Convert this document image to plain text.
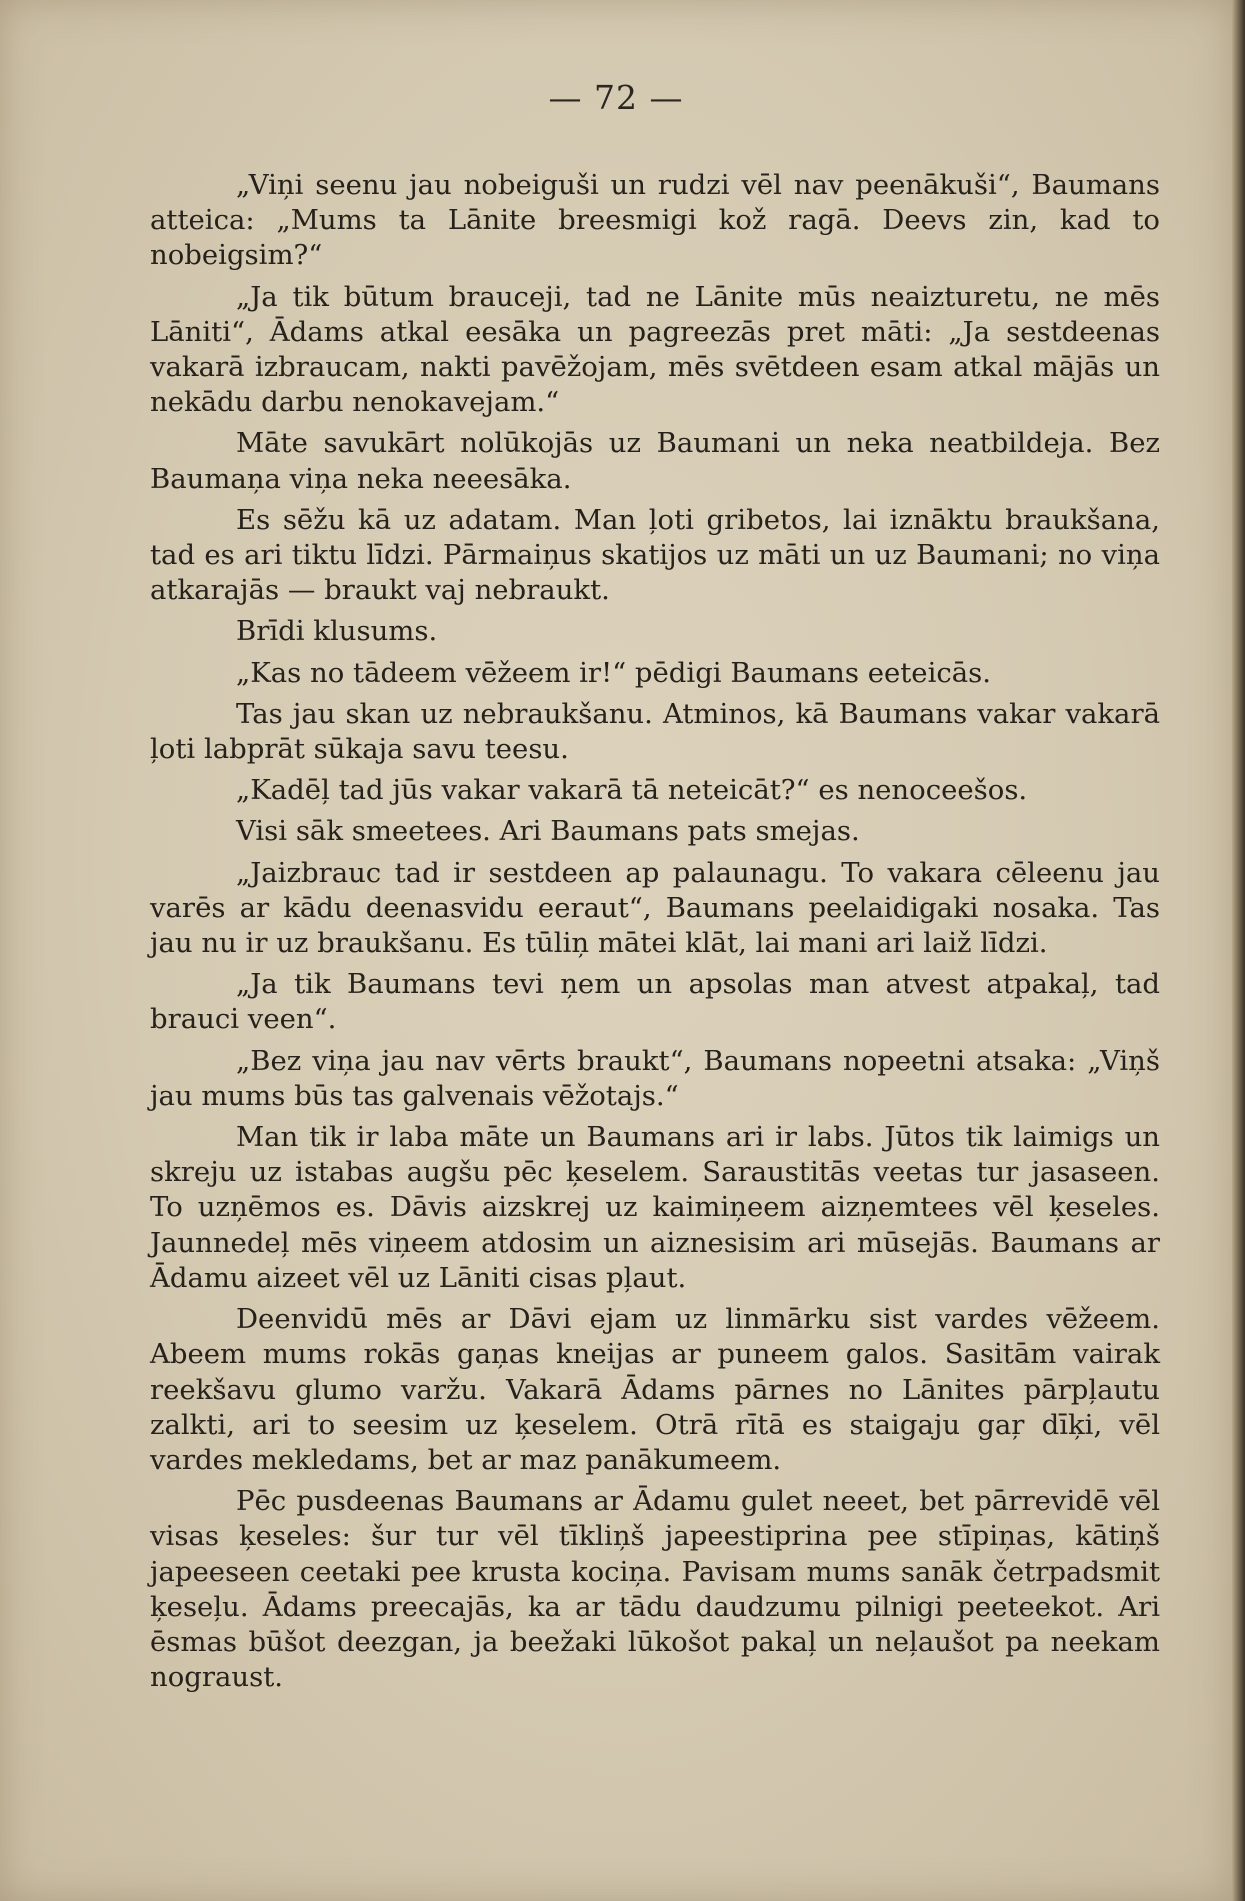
— 72 —

„Viņi seenu jau nobeiguši un rudzi vēl nav peenākuši“, Baumans atteica: „Mums ta Lānite breesmigi kož ragā. Deevs zin, kad to nobeigsim?“

„Ja tik būtum brauceji, tad ne Lānite mūs neaizturetu, ne mēs Lāniti“, Ādams atkal eesāka un pagreezās pret māti: „Ja sestdeenas vakarā izbraucam, nakti pavēžojam, mēs svētdeen esam atkal mājās un nekādu darbu nenokavejam.“

Māte savukārt nolūkojās uz Baumani un neka neatbildeja. Bez Baumaņa viņa neka neeesāka.

Es sēžu kā uz adatam. Man ļoti gribetos, lai iznāktu braukšana, tad es ari tiktu līdzi. Pārmaiņus skatijos uz māti un uz Baumani; no viņa atkarajās — braukt vaj nebraukt.

Brīdi klusums.

„Kas no tādeem vēžeem ir!“ pēdigi Baumans eeteicās.

Tas jau skan uz nebraukšanu. Atminos, kā Baumans vakar vakarā ļoti labprāt sūkaja savu teesu.

„Kadēļ tad jūs vakar vakarā tā neteicāt?“ es nenoceešos.

Visi sāk smeetees. Ari Baumans pats smejas.

„Jaizbrauc tad ir sestdeen ap palaunagu. To vakara cēleenu jau varēs ar kādu deenasvidu eeraut“, Baumans peelaidigaki nosaka. Tas jau nu ir uz braukšanu. Es tūliņ mātei klāt, lai mani ari laiž līdzi.

„Ja tik Baumans tevi ņem un apsolas man atvest atpakaļ, tad brauci veen“.

„Bez viņa jau nav vērts braukt“, Baumans nopeetni atsaka: „Viņš jau mums būs tas galvenais vēžotajs.“

Man tik ir laba māte un Baumans ari ir labs. Jūtos tik laimigs un skreju uz istabas augšu pēc ķeselem. Saraustitās veetas tur jasaseen. To uzņēmos es. Dāvis aizskrej uz kaimiņeem aizņemtees vēl ķeseles. Jaunnedeļ mēs viņeem atdosim un aiznesisim ari mūsejās. Baumans ar Ādamu aizeet vēl uz Lāniti cisas pļaut.

Deenvidū mēs ar Dāvi ejam uz linmārku sist vardes vēžeem. Abeem mums rokās gaņas kneijas ar puneem galos. Sasitām vairak reekšavu glumo varžu. Vakarā Ādams pārnes no Lānites pārpļautu zalkti, ari to seesim uz ķeselem. Otrā rītā es staigaju gaŗ dīķi, vēl vardes mekledams, bet ar maz panākumeem.

Pēc pusdeenas Baumans ar Ādamu gulet neeet, bet pārrevidē vēl visas ķeseles: šur tur vēl tīkliņš japeestiprina pee stīpiņas, kātiņš japeeseen ceetaki pee krusta kociņa. Pavisam mums sanāk četrpadsmit ķeseļu. Ādams preecajās, ka ar tādu daudzumu pilnigi peeteekot. Ari ēsmas būšot deezgan, ja beežaki lūkošot pakaļ un neļaušot pa neekam nograust.
